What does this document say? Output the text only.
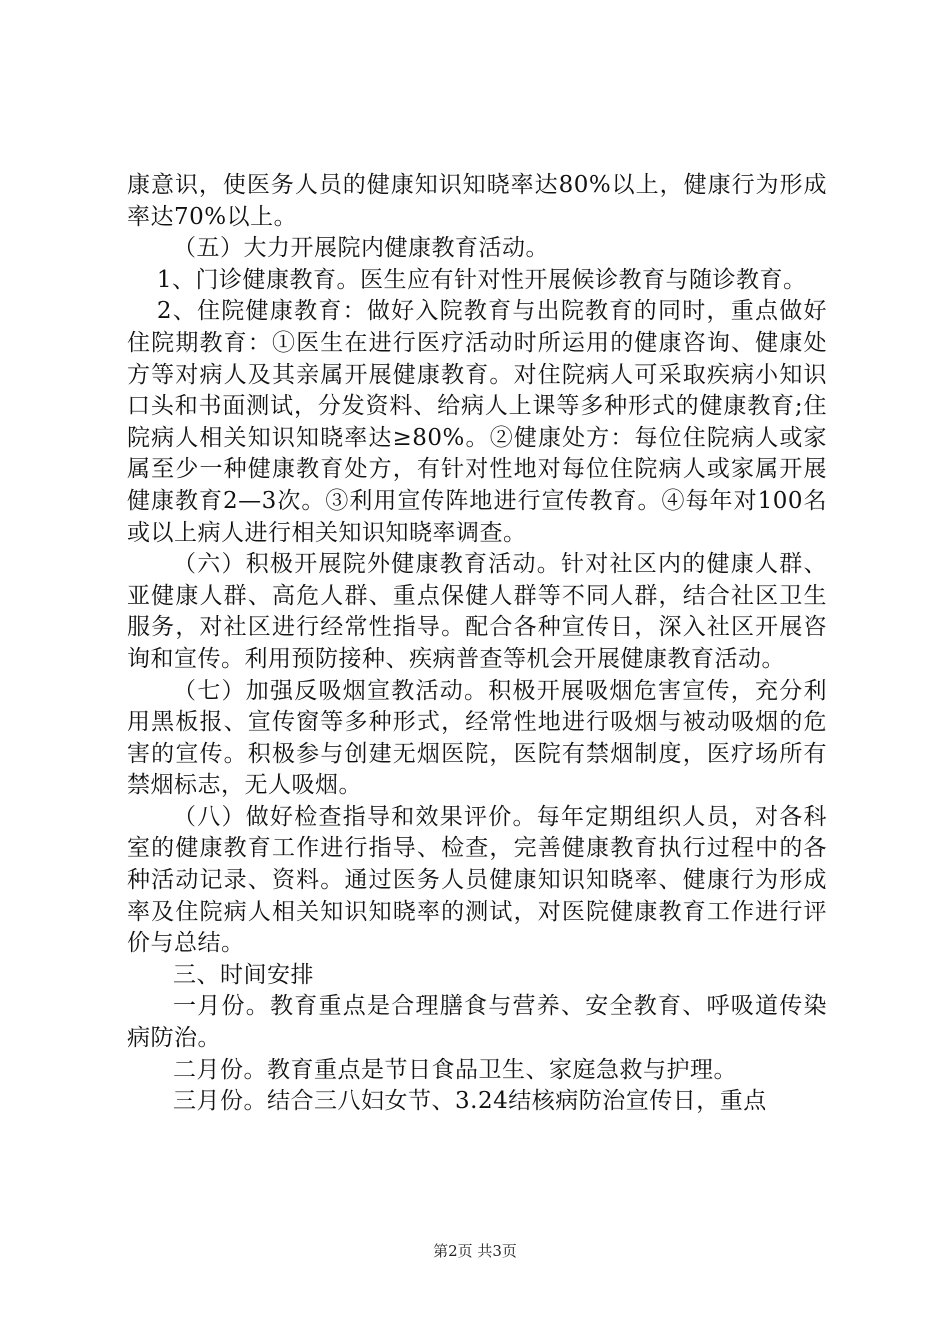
康意识，使医务人员的健康知识知晓率达80%以上，健康行为形成率达70%以上。

（五）大力开展院内健康教育活动。

1、门诊健康教育。医生应有针对性开展候诊教育与随诊教育。

2、住院健康教育：做好入院教育与出院教育的同时，重点做好住院期教育：①医生在进行医疗活动时所运用的健康咨询、健康处方等对病人及其亲属开展健康教育。对住院病人可采取疾病小知识口头和书面测试，分发资料、给病人上课等多种形式的健康教育;住院病人相关知识知晓率达≥80%。②健康处方：每位住院病人或家属至少一种健康教育处方，有针对性地对每位住院病人或家属开展健康教育2—3次。③利用宣传阵地进行宣传教育。④每年对100名或以上病人进行相关知识知晓率调查。

（六）积极开展院外健康教育活动。针对社区内的健康人群、亚健康人群、高危人群、重点保健人群等不同人群，结合社区卫生服务，对社区进行经常性指导。配合各种宣传日，深入社区开展咨询和宣传。利用预防接种、疾病普查等机会开展健康教育活动。

（七）加强反吸烟宣教活动。积极开展吸烟危害宣传，充分利用黑板报、宣传窗等多种形式，经常性地进行吸烟与被动吸烟的危害的宣传。积极参与创建无烟医院，医院有禁烟制度，医疗场所有禁烟标志，无人吸烟。

（八）做好检查指导和效果评价。每年定期组织人员，对各科室的健康教育工作进行指导、检查，完善健康教育执行过程中的各种活动记录、资料。通过医务人员健康知识知晓率、健康行为形成率及住院病人相关知识知晓率的测试，对医院健康教育工作进行评价与总结。

三、时间安排

一月份。教育重点是合理膳食与营养、安全教育、呼吸道传染病防治。

二月份。教育重点是节日食品卫生、家庭急救与护理。

三月份。结合三八妇女节、3.24结核病防治宣传日，重点

第2页 共3页
